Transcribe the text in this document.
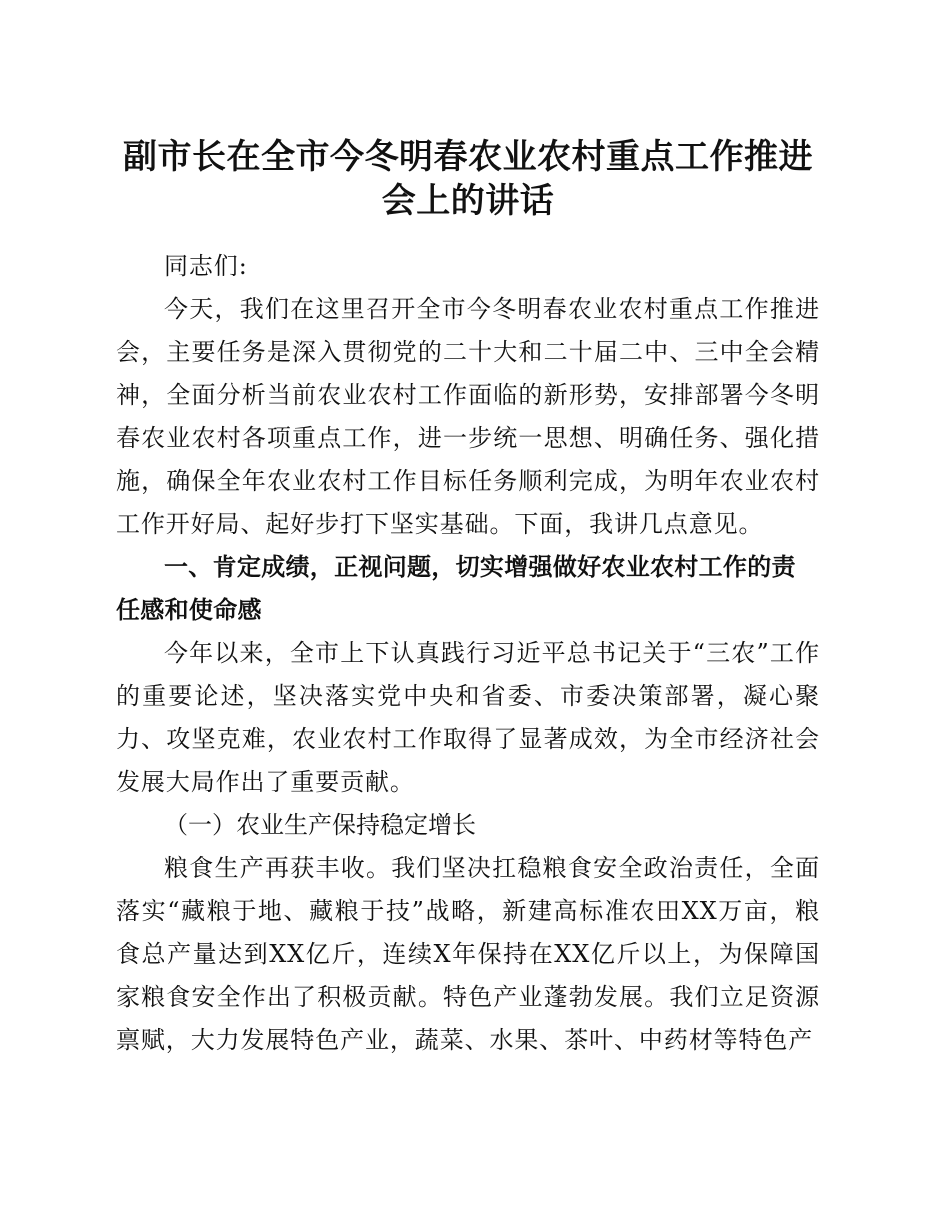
副市长在全市今冬明春农业农村重点工作推进会上的讲话

同志们:

今天，我们在这里召开全市今冬明春农业农村重点工作推进会，主要任务是深入贯彻党的二十大和二十届二中、三中全会精神，全面分析当前农业农村工作面临的新形势，安排部署今冬明春农业农村各项重点工作，进一步统一思想、明确任务、强化措施，确保全年农业农村工作目标任务顺利完成，为明年农业农村工作开好局、起好步打下坚实基础。下面，我讲几点意见。

一、肯定成绩，正视问题，切实增强做好农业农村工作的责任感和使命感

今年以来，全市上下认真践行习近平总书记关于“三农”工作的重要论述，坚决落实党中央和省委、市委决策部署，凝心聚力、攻坚克难，农业农村工作取得了显著成效，为全市经济社会发展大局作出了重要贡献。

（一）农业生产保持稳定增长

粮食生产再获丰收。我们坚决扛稳粮食安全政治责任，全面落实“藏粮于地、藏粮于技”战略，新建高标准农田XX万亩，粮食总产量达到XX亿斤，连续X年保持在XX亿斤以上，为保障国家粮食安全作出了积极贡献。特色产业蓬勃发展。我们立足资源禀赋，大力发展特色产业，蔬菜、水果、茶叶、中药材等特色产
